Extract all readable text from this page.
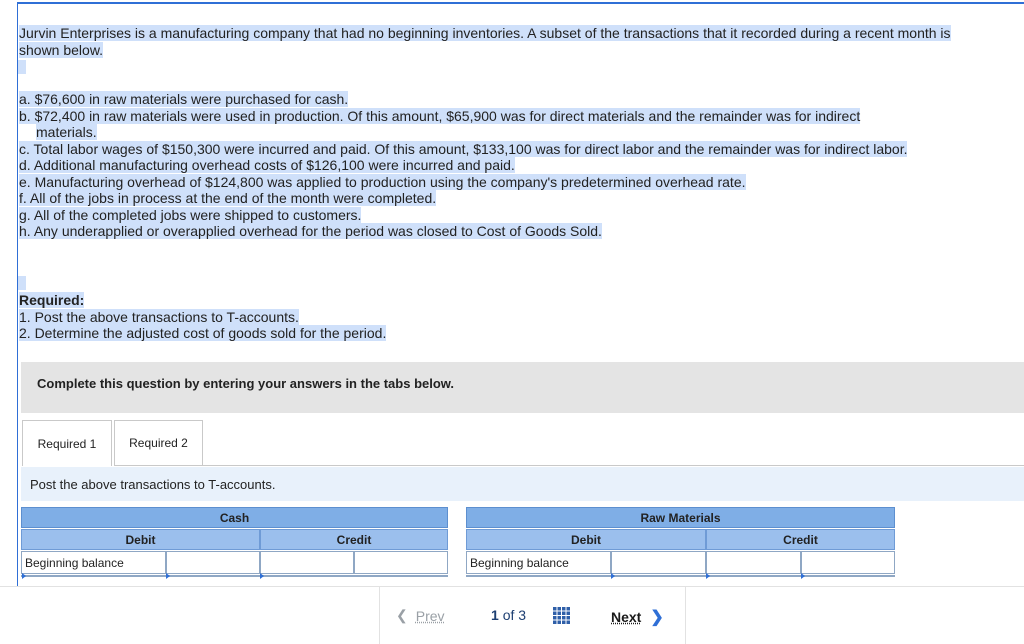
Jurvin Enterprises is a manufacturing company that had no beginning inventories. A subset of the transactions that it recorded during a recent month is shown below.
a. $76,600 in raw materials were purchased for cash.
b. $72,400 in raw materials were used in production. Of this amount, $65,900 was for direct materials and the remainder was for indirect materials.
c. Total labor wages of $150,300 were incurred and paid. Of this amount, $133,100 was for direct labor and the remainder was for indirect labor.
d. Additional manufacturing overhead costs of $126,100 were incurred and paid.
e. Manufacturing overhead of $124,800 was applied to production using the company's predetermined overhead rate.
f. All of the jobs in process at the end of the month were completed.
g. All of the completed jobs were shipped to customers.
h. Any underapplied or overapplied overhead for the period was closed to Cost of Goods Sold.
Required:
1. Post the above transactions to T-accounts.
2. Determine the adjusted cost of goods sold for the period.
Complete this question by entering your answers in the tabs below.
Required 1	Required 2
Post the above transactions to T-accounts.
Cash
Debit	Credit
Beginning balance
Raw Materials
Debit	Credit
Beginning balance
❮ Prev	1 of 3	Next ❯
